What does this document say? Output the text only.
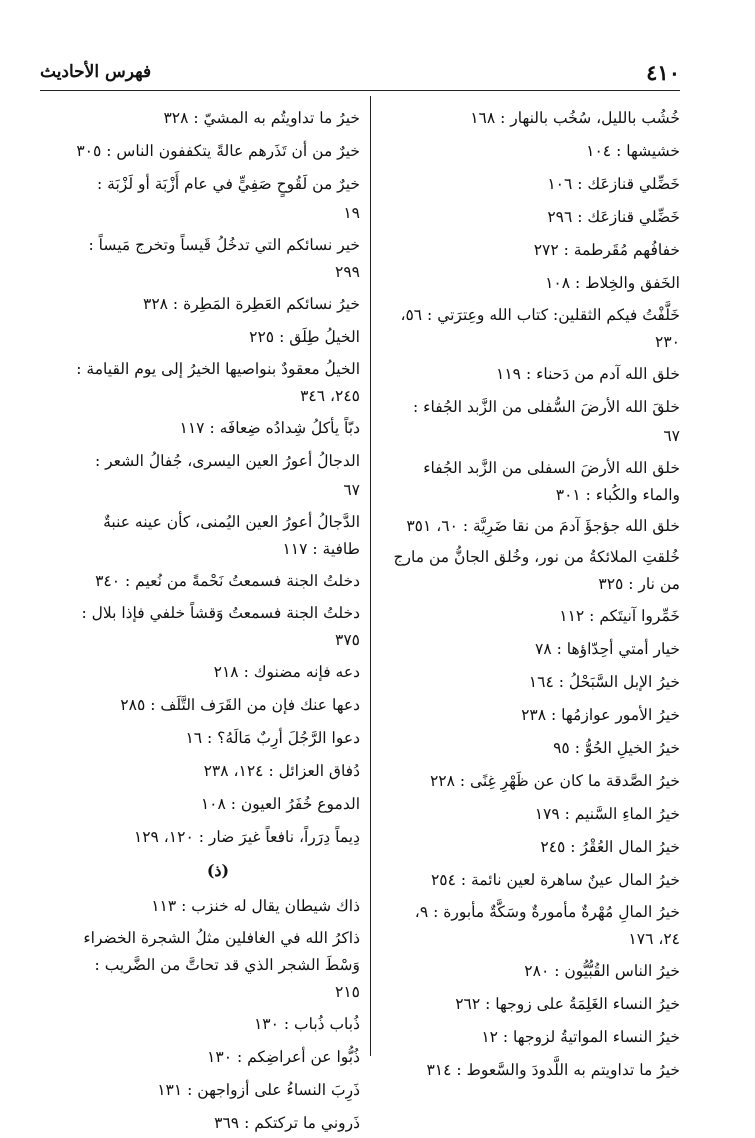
٤١٠
فهرس الأحاديث
خُشُب بالليل، سُخُب بالنهار : ١٦٨
خشيشها : ١٠٤
خَضِّلي قنازعَك : ١٠٦
خَضِّلي قنازعَك : ٢٩٦
خفافُهم مُقَرطمة : ٢٧٢
الخَفق والخِلاط : ١٠٨
خَلَّفْتُ فيكم الثقلين: كتاب الله وعِترَتي : ٥٦، ٢٣٠
خلق الله آدم من دَحناء : ١١٩
خلقَ الله الأرضَ السُّفلى من الزَّبد الجُفاء : ٦٧
خلق الله الأرضَ السفلى من الزَّبد الجُفاء والماء والكُباء : ٣٠١
خلق الله جؤجؤَ آدمَ من نقا ضَرِيَّة : ٦٠، ٣٥١
خُلقتِ الملائكةُ من نور، وخُلق الجانُّ من مارج من نار : ٣٢٥
خَمِّروا آنيتَكم : ١١٢
خيار أمتي أحِدّاؤها : ٧٨
خيرُ الإبل السَّبَحْلُ : ١٦٤
خيرُ الأمور عوازمُها : ٢٣٨
خيرُ الخيلِ الحُوُّ : ٩٥
خيرُ الصَّدقة ما كان عن ظَهْرِ غِنًى : ٢٢٨
خيرُ الماءِ السَّنيم : ١٧٩
خيرُ المال العُقْرُ : ٢٤٥
خيرُ المال عينٌ ساهرة لعين نائمة : ٢٥٤
خيرُ المالِ مُهْرةٌ مأمورةٌ وسَكَّةٌ مأبورة : ٩، ٢٤، ١٧٦
خيرُ الناس القُبُّيُّون : ٢٨٠
خيرُ النساء الغَلِمَةُ على زوجها : ٢٦٢
خيرُ النساء المواتيةُ لزوجها : ١٢
خيرُ ما تداويتم به اللَّدودَ والسَّعوط : ٣١٤
خيرُ ما تداويتُم به المشيّ : ٣٢٨
خيرٌ من أن تَذَرهم عالةً يتكففون الناس : ٣٠٥
خيرٌ من لَقُوحٍ صَفِيٍّ في عام أَزْبَة أو لَزْبَة : ١٩
خير نسائكم التي تدخُلُ قَيساً وتخرج مَيساً : ٢٩٩
خيرُ نسائكم العَطِرة المَطِرة : ٣٢٨
الخيلُ طِلَق : ٢٢٥
الخيلُ معقودٌ بنواصيها الخيرُ إلى يوم القيامة : ٢٤٥، ٣٤٦
دبّاً يأكلُ شِدادُه ضِعافَه : ١١٧
الدجالُ أعورُ العين اليسرى، جُفالُ الشعر : ٦٧
الدَّجالُ أعورُ العين اليُمنى، كأن عينه عنبةٌ طافية : ١١٧
دخلتُ الجنة فسمعتُ نَحْمةً من نُعيم : ٣٤٠
دخلتُ الجنة فسمعتُ وَقشاً خلفي فإذا بلال : ٣٧٥
دعه فإنه مضنوك : ٢١٨
دعها عنك فإن من القَرَف التَّلَف : ٢٨٥
دعوا الرَّجُلَ أرِبٌ مَالَهُ؟ : ١٦
دُفاق العزائل : ١٢٤، ٢٣٨
الدموع خُفَرُ العيون : ١٠٨
دِيماً دِرَراً، نافعاً غيرَ ضار : ١٢٠، ١٢٩
(ذ)
ذاك شيطان يقال له خنزب : ١١٣
ذاكرُ الله في الغافلين مثلُ الشجرة الخضراء وَسْطَ الشجر الذي قد تحاتَّ من الضَّريب : ٢١٥
ذُباب ذُباب : ١٣٠
ذُبُّوا عن أعراضِكم : ١٣٠
ذَرِبَ النساءُ على أزواجهن : ١٣١
ذَروني ما تركتكم : ٣٦٩
